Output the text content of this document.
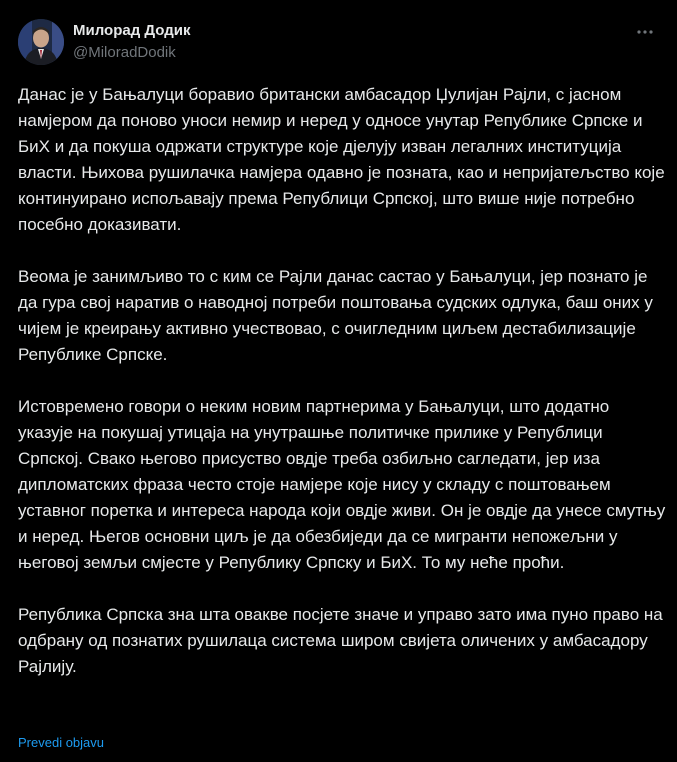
Милорад Додик
@MiloradDodik

Данас је у Бањалуци боравио британски амбасадор Џулијан Рајли, с јасном намјером да поново уноси немир и неред у односе унутар Републике Српске и БиХ и да покуша одржати структуре које дјелују изван легалних институција власти. Њихова рушилачка намјера одавно је позната, као и непријатељство које континуирано испољавају према Републици Српској, што више није потребно посебно доказивати.

Веома је занимљиво то с ким се Рајли данас састао у Бањалуци, јер познато је да гура свој наратив о наводној потреби поштовања судских одлука, баш оних у чијем је креирању активно учествовао, с очигледним циљем дестабилизације Републике Српске.

Истовремено говори о неким новим партнерима у Бањалуци, што додатно указује на покушај утицаја на унутрашње политичке прилике у Републици Српској. Свако његово присуство овдје треба озбиљно сагледати, јер иза дипломатских фраза често стоје намјере које нису у складу с поштовањем уставног поретка и интереса народа који овдје живи. Он је овдје да унесе смутњу и неред. Његов основни циљ је да обезбиједи да се мигранти непожељни у његовој земљи смјесте у Републику Српску и БиХ. То му неће проћи.

Република Српска зна шта овакве посјете значе и управо зато има пуно право на одбрану од познатих рушилаца система широм свијета оличених у амбасадору Рајлију.

Prevedi objavu
